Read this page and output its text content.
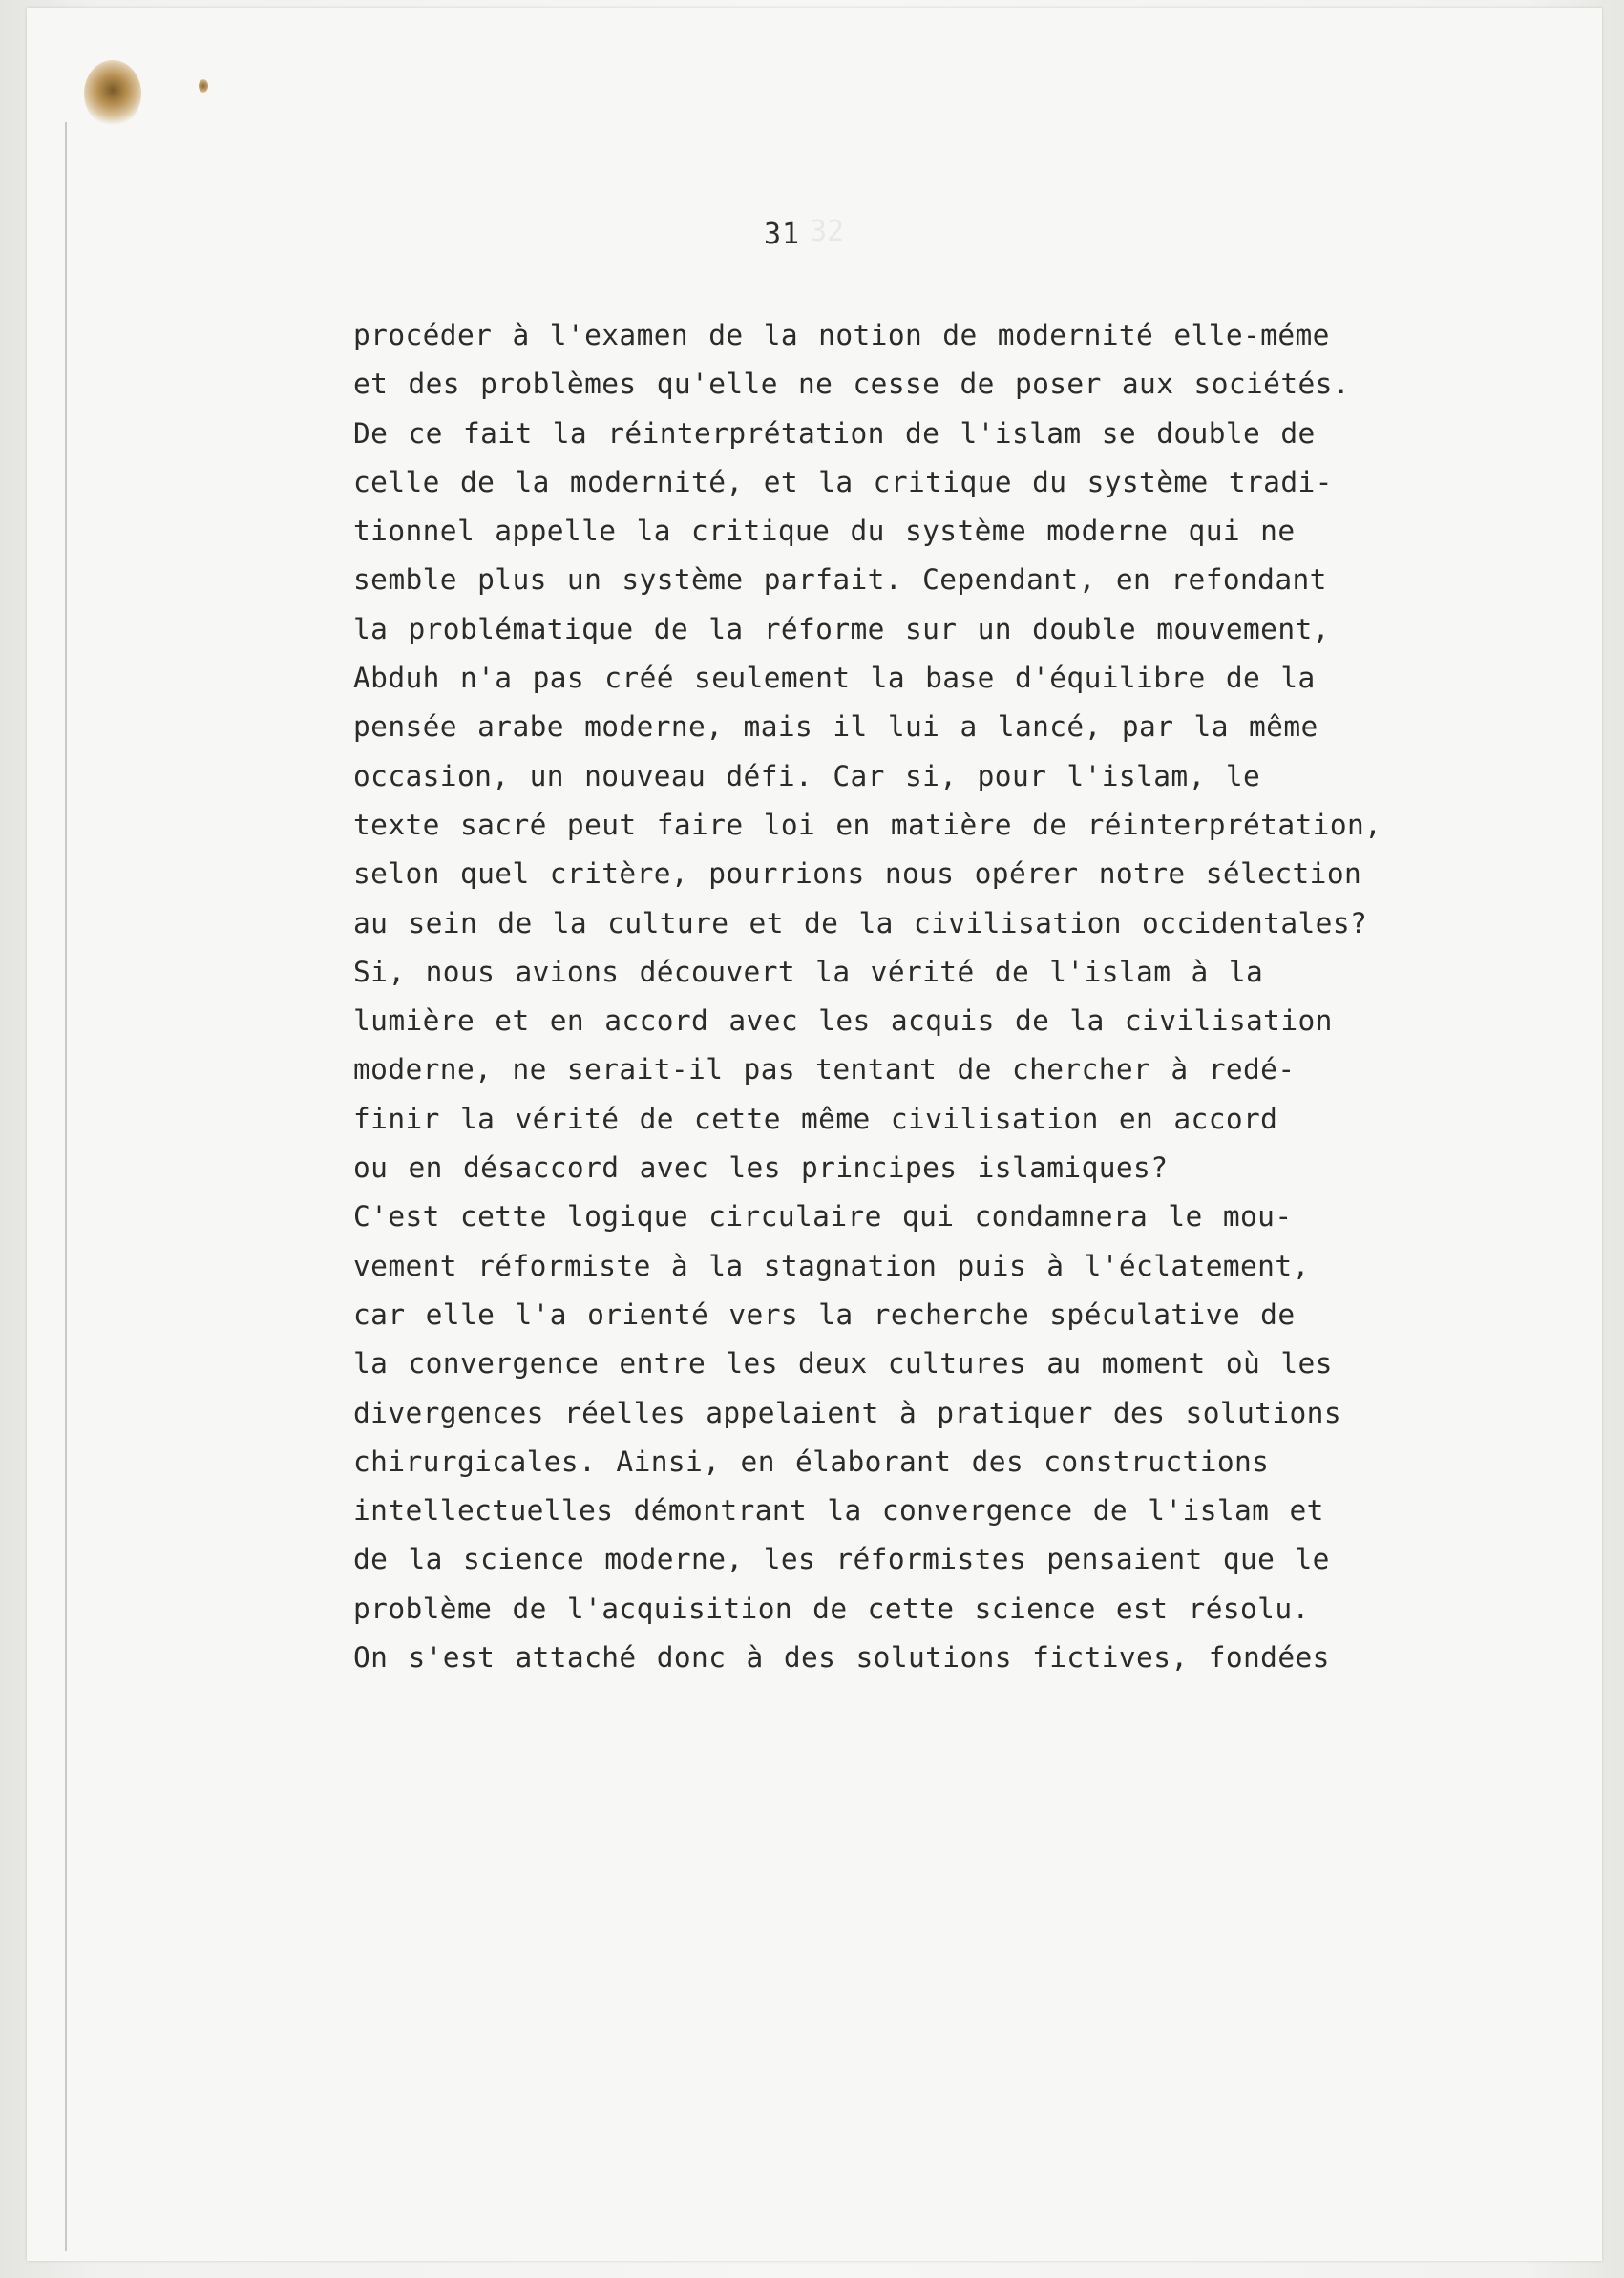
32
31
procéder à l'examen de la notion de modernité elle-méme
et des problèmes qu'elle ne cesse de poser aux sociétés.
De ce fait la réinterprétation de l'islam se double de
celle de la modernité, et la critique du système tradi-
tionnel appelle la critique du système moderne qui ne
semble plus un système parfait. Cependant, en refondant
la problématique de la réforme sur un double mouvement,
Abduh n'a pas créé seulement la base d'équilibre de la
pensée arabe moderne, mais il lui a lancé, par la même
occasion, un nouveau défi. Car si, pour l'islam, le
texte sacré peut faire loi en matière de réinterprétation,
selon quel critère, pourrions nous opérer notre sélection
au sein de la culture et de la civilisation occidentales?
Si, nous avions découvert la vérité de l'islam à la
lumière et en accord avec les acquis de la civilisation
moderne, ne serait-il pas tentant de chercher à redé-
finir la vérité de cette même civilisation en accord
ou en désaccord avec les principes islamiques?
C'est cette logique circulaire qui condamnera le mou-
vement réformiste à la stagnation puis à l'éclatement,
car elle l'a orienté vers la recherche spéculative de
la convergence entre les deux cultures au moment où les
divergences réelles appelaient à pratiquer des solutions
chirurgicales. Ainsi, en élaborant des constructions
intellectuelles démontrant la convergence de l'islam et
de la science moderne, les réformistes pensaient que le
problème de l'acquisition de cette science est résolu.
On s'est attaché donc à des solutions fictives, fondées
